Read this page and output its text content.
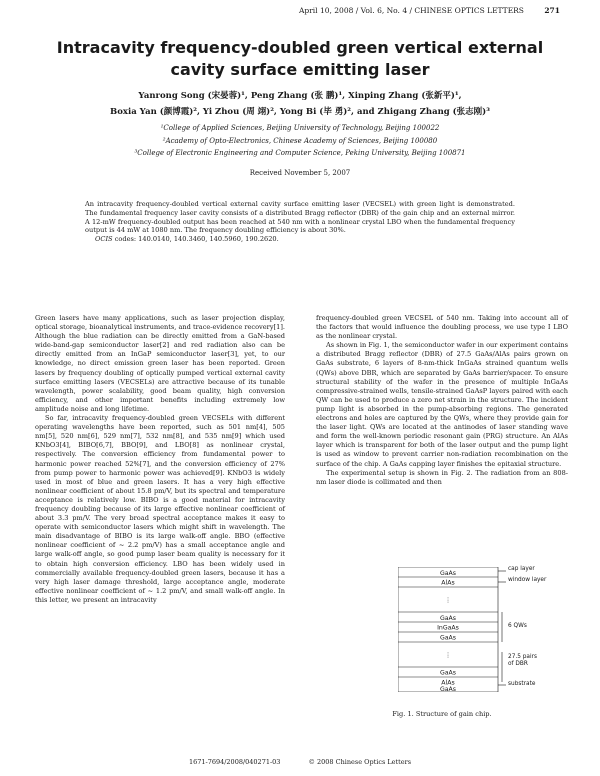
April 10, 2008 / Vol. 6, No. 4 / CHINESE OPTICS LETTERS	271
Intracavity frequency-doubled green vertical external cavity surface emitting laser
Yanrong Song (宋晏蓉)¹, Peng Zhang (张 鹏)¹, Xinping Zhang (张新平)¹,
Boxia Yan (颜博霞)², Yi Zhou (周 翊)², Yong Bi (毕 勇)², and Zhigang Zhang (张志刚)³
¹College of Applied Sciences, Beijing University of Technology, Beijing 100022
²Academy of Opto-Electronics, Chinese Academy of Sciences, Beijing 100080
³College of Electronic Engineering and Computer Science, Peking University, Beijing 100871
Received November 5, 2007
An intracavity frequency-doubled vertical external cavity surface emitting laser (VECSEL) with green light is demonstrated. The fundamental frequency laser cavity consists of a distributed Bragg reflector (DBR) of the gain chip and an external mirror. A 12-mW frequency-doubled output has been reached at 540 nm with a nonlinear crystal LBO when the fundamental frequency output is 44 mW at 1080 nm. The frequency doubling efficiency is about 30%.
OCIS codes: 140.0140, 140.3460, 140.5960, 190.2620.

Green lasers have many applications, such as laser projection display, optical storage, bioanalytical instruments, and trace-evidence recovery[1]. Although the blue radiation can be directly emitted from a GaN-based wide-band-gap semiconductor laser[2] and red radiation also can be directly emitted from an InGaP semiconductor laser[3], yet, to our knowledge, no direct emission green laser has been reported. Green lasers by frequency doubling of optically pumped vertical external cavity surface emitting lasers (VECSELs) are attractive because of its tunable wavelength, power scalability, good beam quality, high conversion efficiency, and other important benefits including extremely low amplitude noise and long lifetime.

So far, intracavity frequency-doubled green VECSELs with different operating wavelengths have been reported, such as 501 nm[4], 505 nm[5], 520 nm[6], 529 nm[7], 532 nm[8], and 535 nm[9] which used KNbO3[4], BIBO[6,7], BBO[9], and LBO[8] as nonlinear crystal, respectively. The conversion efficiency from fundamental power to harmonic power reached 52%[7], and the conversion efficiency of 27% from pump power to harmonic power was achieved[9]. KNbO3 is widely used in most of blue and green lasers. It has a very high effective nonlinear coefficient of about 15.8 pm/V, but its spectral and temperature acceptance is relatively low. BIBO is a good material for intracavity frequency doubling because of its large effective nonlinear coefficient of about 3.3 pm/V. The very broad spectral acceptance makes it easy to operate with semiconductor lasers which might shift in wavelength. The main disadvantage of BIBO is its large walk-off angle. BBO (effective nonlinear coefficient of ~ 2.2 pm/V) has a small acceptance angle and large walk-off angle, so good pump laser beam quality is necessary for it to obtain high conversion efficiency. LBO has been widely used in commercially available frequency-doubled green lasers, because it has a very high laser damage threshold, large acceptance angle, moderate effective nonlinear coefficient of ~ 1.2 pm/V, and small walk-off angle. In this letter, we present an intracavity

frequency-doubled green VECSEL of 540 nm. Taking into account all of the factors that would influence the doubling process, we use type I LBO as the nonlinear crystal.

As shown in Fig. 1, the semiconductor wafer in our experiment contains a distributed Bragg reflector (DBR) of 27.5 GaAs/AlAs pairs grown on GaAs substrate, 6 layers of 8-nm-thick InGaAs strained quantum wells (QWs) above DBR, which are separated by GaAs barrier/spacer. To ensure structural stability of the wafer in the presence of multiple InGaAs compressive-strained wells, tensile-strained GaAsP layers paired with each QW can be used to produce a zero net strain in the structure. The incident pump light is absorbed in the pump-absorbing regions. The generated electrons and holes are captured by the QWs, where they provide gain for the laser light. QWs are located at the antinodes of laser standing wave and form the well-known periodic resonant gain (PRG) structure. An AlAs layer which is transparent for both of the laser output and the pump light is used as window to prevent carrier non-radiation recombination on the surface of the chip. A GaAs capping layer finishes the epitaxial structure.

The experimental setup is shown in Fig. 2. The radiation from an 808-nm laser diode is collimated and then

GaAs
AlAs
⋮
GaAs
InGaAs
GaAs
⋮
GaAs
AlAs
GaAs
cap layer
window layer
6 QWs
27.5 pairs
of DBR
substrate
Fig. 1. Structure of gain chip.
1671-7694/2008/040271-03	© 2008 Chinese Optics Letters
